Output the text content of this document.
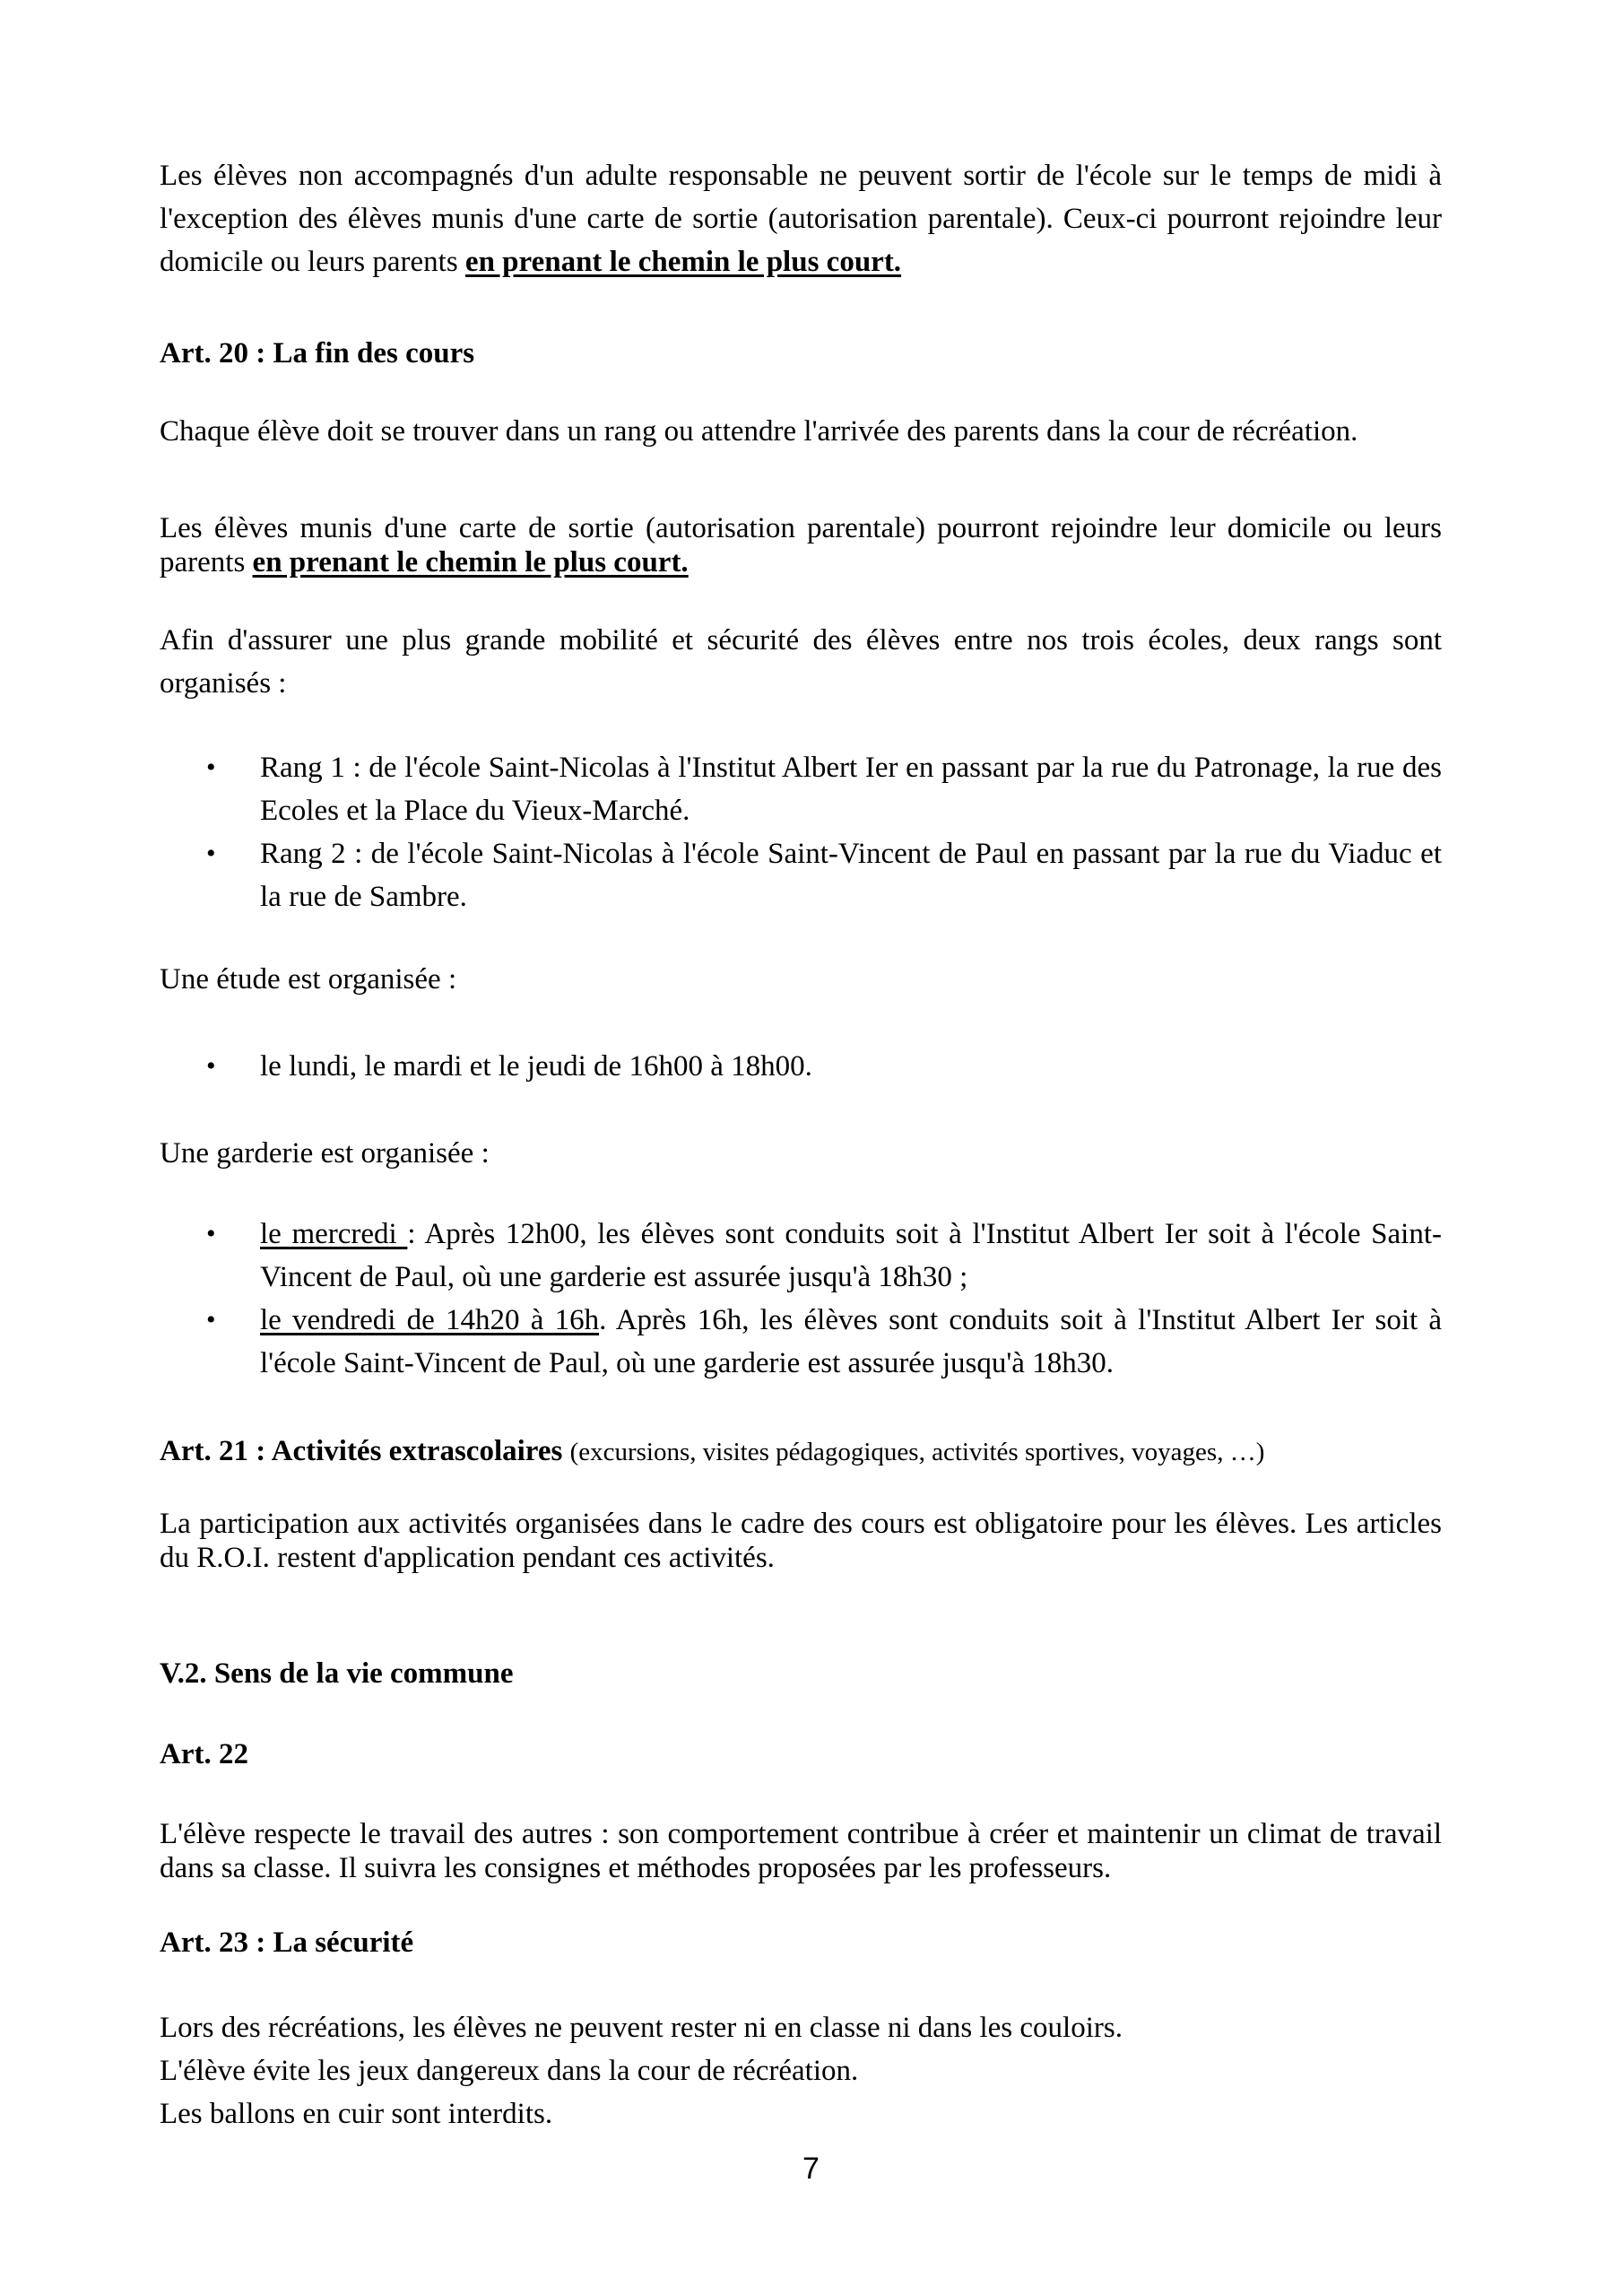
Les élèves non accompagnés d'un adulte responsable ne peuvent sortir de l'école sur le temps de midi à l'exception des élèves munis d'une carte de sortie (autorisation parentale). Ceux-ci pourront rejoindre leur domicile ou leurs parents en prenant le chemin le plus court.

Art. 20 : La fin des cours

Chaque élève doit se trouver dans un rang ou attendre l'arrivée des parents dans la cour de récréation.

Les élèves munis d'une carte de sortie (autorisation parentale) pourront rejoindre leur domicile ou leurs parents en prenant le chemin le plus court.

Afin d'assurer une plus grande mobilité et sécurité des élèves entre nos trois écoles, deux rangs sont organisés :

• Rang 1 : de l'école Saint-Nicolas à l'Institut Albert Ier en passant par la rue du Patronage, la rue des Ecoles et la Place du Vieux-Marché.
• Rang 2 : de l'école Saint-Nicolas à l'école Saint-Vincent de Paul en passant par la rue du Viaduc et la rue de Sambre.

Une étude est organisée :

• le lundi, le mardi et le jeudi de 16h00 à 18h00.

Une garderie est organisée :

• le mercredi : Après 12h00, les élèves sont conduits soit à l'Institut Albert Ier soit à l'école Saint-Vincent de Paul, où une garderie est assurée jusqu'à 18h30 ;
• le vendredi de 14h20 à 16h. Après 16h, les élèves sont conduits soit à l'Institut Albert Ier soit à l'école Saint-Vincent de Paul, où une garderie est assurée jusqu'à 18h30.

Art. 21 : Activités extrascolaires (excursions, visites pédagogiques, activités sportives, voyages, …)

La participation aux activités organisées dans le cadre des cours est obligatoire pour les élèves. Les articles du R.O.I. restent d'application pendant ces activités.

V.2. Sens de la vie commune

Art. 22

L'élève respecte le travail des autres : son comportement contribue à créer et maintenir un climat de travail dans sa classe. Il suivra les consignes et méthodes proposées par les professeurs.

Art. 23 : La sécurité

Lors des récréations, les élèves ne peuvent rester ni en classe ni dans les couloirs.
L'élève évite les jeux dangereux dans la cour de récréation.
Les ballons en cuir sont interdits.
7
